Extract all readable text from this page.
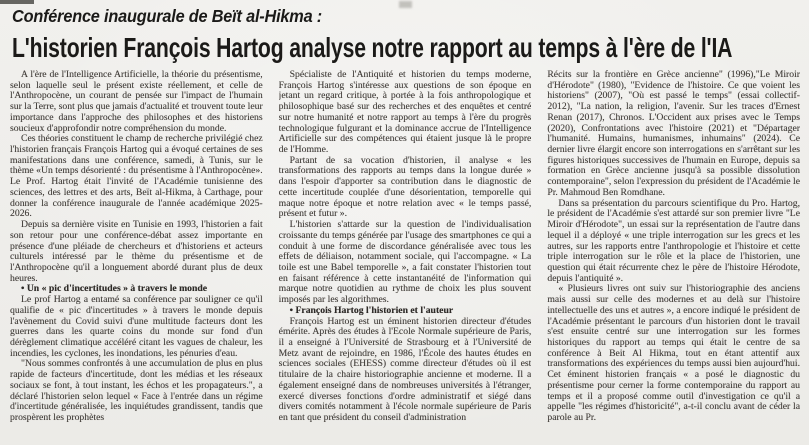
Conférence inaugurale de Beït al-Hikma :
L'historien François Hartog analyse notre rapport au temps à l'ère de l'IA

A l'ère de l'Intelligence Artificielle, la théorie du présentisme, selon laquelle seul le présent existe réellement, et celle de l'Anthropocène, un courant de pensée sur l'impact de l'humain sur la Terre, sont plus que jamais d'actualité et trouvent toute leur importance dans l'approche des philosophes et des historiens soucieux d'approfondir notre compréhension du monde.

Ces théories constituent le champ de recherche privilégié chez l'historien français François Hartog qui a évoqué certaines de ses manifestations dans une conférence, samedi, à Tunis, sur le thème «Un temps désorienté : du présentisme à l'Anthropocène». Le Prof. Hartog était l'invité de l'Académie tunisienne des sciences, des lettres et des arts, Beït al-Hikma, à Carthage, pour donner la conférence inaugurale de l'année académique 2025-2026.

Depuis sa dernière visite en Tunisie en 1993, l'historien a fait son retour pour une conférence-débat assez importante en présence d'une pléiade de chercheurs et d'historiens et acteurs culturels intéressé par le thème du présentisme et de l'Anthropocène qu'il a longuement abordé durant plus de deux heures.

• Un « pic d'incertitudes » à travers le monde

Le prof Hartog a entamé sa conférence par souligner ce qu'il qualifie de « pic d'incertitudes » à travers le monde depuis l'avènement du Covid suivi d'une multitude facteurs dont les guerres dans les quarte coins du monde sur fond d'un dérèglement climatique accéléré citant les vagues de chaleur, les incendies, les cyclones, les inondations, les pénuries d'eau.

"Nous sommes confrontés à une accumulation de plus en plus rapide de facteurs d'incertitude, dont les médias et les réseaux sociaux se font, à tout instant, les échos et les propagateurs.", a déclaré l'historien selon lequel « Face à l'entrée dans un régime d'incertitude généralisée, les inquiétudes grandissent, tandis que prospèrent les prophètes

Spécialiste de l'Antiquité et historien du temps moderne, François Hartog s'intéresse aux questions de son époque en jetant un regard critique, à portée à la fois anthropologique et philosophique basé sur des recherches et des enquêtes et centré sur notre humanité et notre rapport au temps à l'ère du progrès technologique fulgurant et la dominance accrue de l'Intelligence Artificielle sur des compétences qui étaient jusque là le propre de l'Homme.

Partant de sa vocation d'historien, il analyse « les transformations des rapports au temps dans la longue durée » dans l'espoir d'apporter sa contribution dans le diagnostic de cette incertitude couplée d'une désorientation, temporelle qui maque notre époque et notre relation avec « le temps passé, présent et futur ».

L'historien s'attarde sur la question de l'individualisation croissante du temps générée par l'usage des smartphones ce qui a conduit à une forme de discordance généralisée avec tous les effets de déliaison, notamment sociale, qui l'accompagne. « La toile est une Babel temporelle », a fait constater l'historien tout en faisant référence à cette instantanéité de l'information qui marque notre quotidien au rythme de choix les plus souvent imposés par les algorithmes.

• François Hartog l'historien et l'auteur

François Hartog est un éminent historien directeur d'études émérite. Après des études à l'Ecole Normale supérieure de Paris, il a enseigné à l'Université de Strasbourg et à l'Université de Metz avant de rejoindre, en 1986, l'École des hautes études en sciences sociales (EHESS) comme directeur d'études où il est titulaire de la chaire historiographie ancienne et moderne. Il a également enseigné dans de nombreuses universités à l'étranger, exercé diverses fonctions d'ordre administratif et siégé dans divers comités notamment à l'école normale supérieure de Paris en tant que président du conseil d'administration

Récits sur la frontière en Grèce ancienne" (1996),"Le Miroir d'Hérodote" (1980), "Evidence de l'histoire. Ce que voient les historiens" (2007), "Où est passé le temps" (essai collectif- 2012), "La nation, la religion, l'avenir. Sur les traces d'Ernest Renan (2017), Chronos. L'Occident aux prises avec le Temps (2020), Confrontations avec l'histoire (2021) et "Départager l'humanité. Humains, humanismes, inhumains" (2024). Ce dernier livre élargit encore son interrogations en s'arrêtant sur les figures historiques successives de l'humain en Europe, depuis sa formation en Grèce ancienne jusqu'à sa possible dissolution contemporaine", selon l'expression du président de l'Académie le Pr. Mahmoud Ben Romdhane.

Dans sa présentation du parcours scientifique du Pro. Hartog, le président de l'Académie s'est attardé sur son premier livre "Le Miroir d'Hérodote", un essai sur la représentation de l'autre dans lequel il a déployé « une triple interrogation sur les grecs et les autres, sur les rapports entre l'anthropologie et l'histoire et cette triple interrogation sur le rôle et la place de l'historien, une question qui était récurrente chez le père de l'histoire Hérodote, depuis l'antiquité ».

« Plusieurs livres ont suiv sur l'historiographie des anciens mais aussi sur celle des modernes et au delà sur l'histoire intellectuelle des uns et autres », a encore indiqué le président de l'Académie présentant le parcours d'un historien dont le travail s'est ensuite centré sur une interrogation sur les formes historiques du rapport au temps qui était le centre de sa conférence à Beit Al Hikma, tout en étant attentif aux transformations des expériences du temps aussi bien aujourd'hui. Cet éminent historien français « a posé le diagnostic du présentisme pour cerner la forme contemporaine du rapport au temps et il a proposé comme outil d'investigation ce qu'il a appelle "les régimes d'historicité", a-t-il conclu avant de céder la parole au Pr.
